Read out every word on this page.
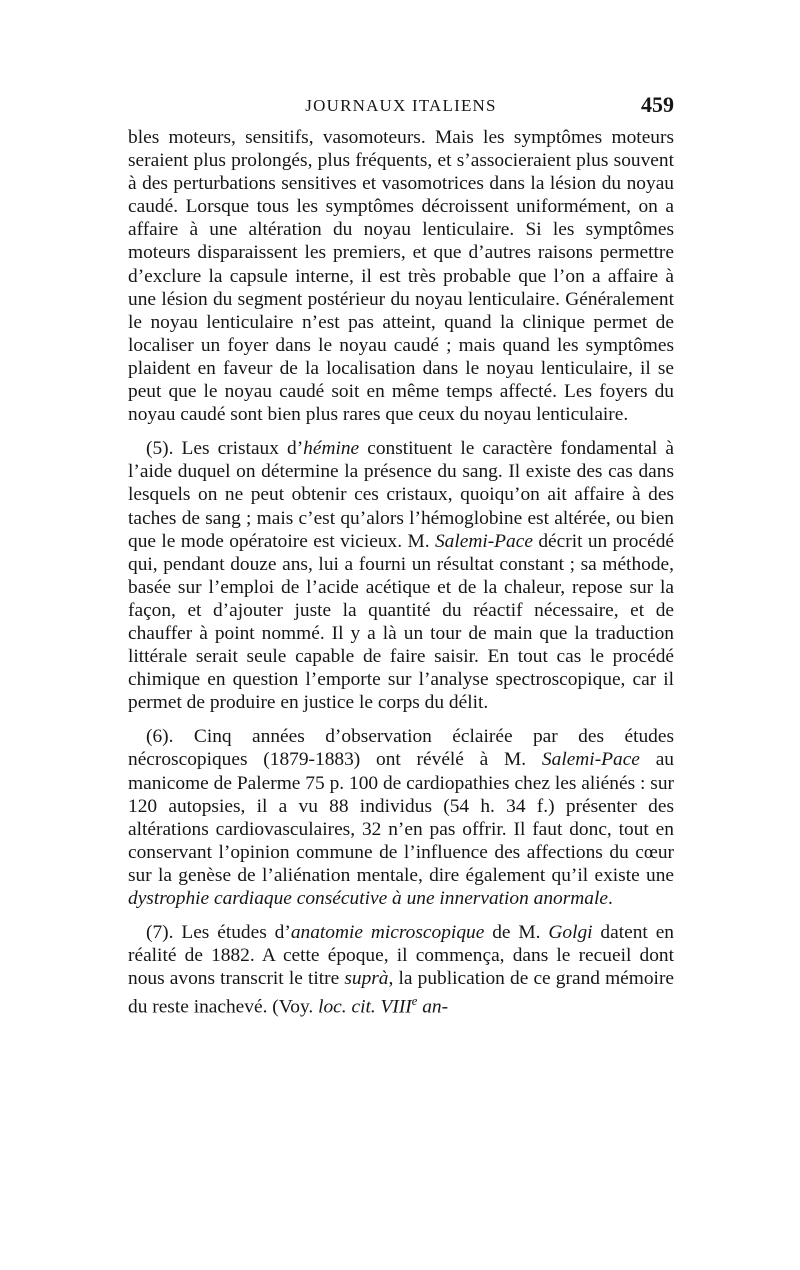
JOURNAUX ITALIENS	459

bles moteurs, sensitifs, vasomoteurs. Mais les symptômes moteurs seraient plus prolongés, plus fréquents, et s’associeraient plus souvent à des perturbations sensitives et vasomotrices dans la lésion du noyau caudé. Lorsque tous les symptômes décroissent uniformément, on a affaire à une altération du noyau lenticulaire. Si les symptômes moteurs disparaissent les premiers, et que d’autres raisons permettre d’exclure la capsule interne, il est très probable que l’on a affaire à une lésion du segment postérieur du noyau lenticulaire. Généralement le noyau lenticulaire n’est pas atteint, quand la clinique permet de localiser un foyer dans le noyau caudé ; mais quand les symptômes plaident en faveur de la localisation dans le noyau lenticulaire, il se peut que le noyau caudé soit en même temps affecté. Les foyers du noyau caudé sont bien plus rares que ceux du noyau lenticulaire.

(5). Les cristaux d’hémine constituent le caractère fondamental à l’aide duquel on détermine la présence du sang. Il existe des cas dans lesquels on ne peut obtenir ces cristaux, quoiqu’on ait affaire à des taches de sang ; mais c’est qu’alors l’hémoglobine est altérée, ou bien que le mode opératoire est vicieux. M. Salemi-Pace décrit un procédé qui, pendant douze ans, lui a fourni un résultat constant ; sa méthode, basée sur l’emploi de l’acide acétique et de la chaleur, repose sur la façon, et d’ajouter juste la quantité du réactif nécessaire, et de chauffer à point nommé. Il y a là un tour de main que la traduction littérale serait seule capable de faire saisir. En tout cas le procédé chimique en question l’emporte sur l’analyse spectroscopique, car il permet de produire en justice le corps du délit.

(6). Cinq années d’observation éclairée par des études nécroscopiques (1879-1883) ont révélé à M. Salemi-Pace au manicome de Palerme 75 p. 100 de cardiopathies chez les aliénés : sur 120 autopsies, il a vu 88 individus (54 h. 34 f.) présenter des altérations cardiovasculaires, 32 n’en pas offrir. Il faut donc, tout en conservant l’opinion commune de l’influence des affections du cœur sur la genèse de l’aliénation mentale, dire également qu’il existe une dystrophie cardiaque consécutive à une innervation anormale.

(7). Les études d’anatomie microscopique de M. Golgi datent en réalité de 1882. A cette époque, il commença, dans le recueil dont nous avons transcrit le titre suprà, la publication de ce grand mémoire du reste inachevé. (Voy. loc. cit. VIIIe an-
